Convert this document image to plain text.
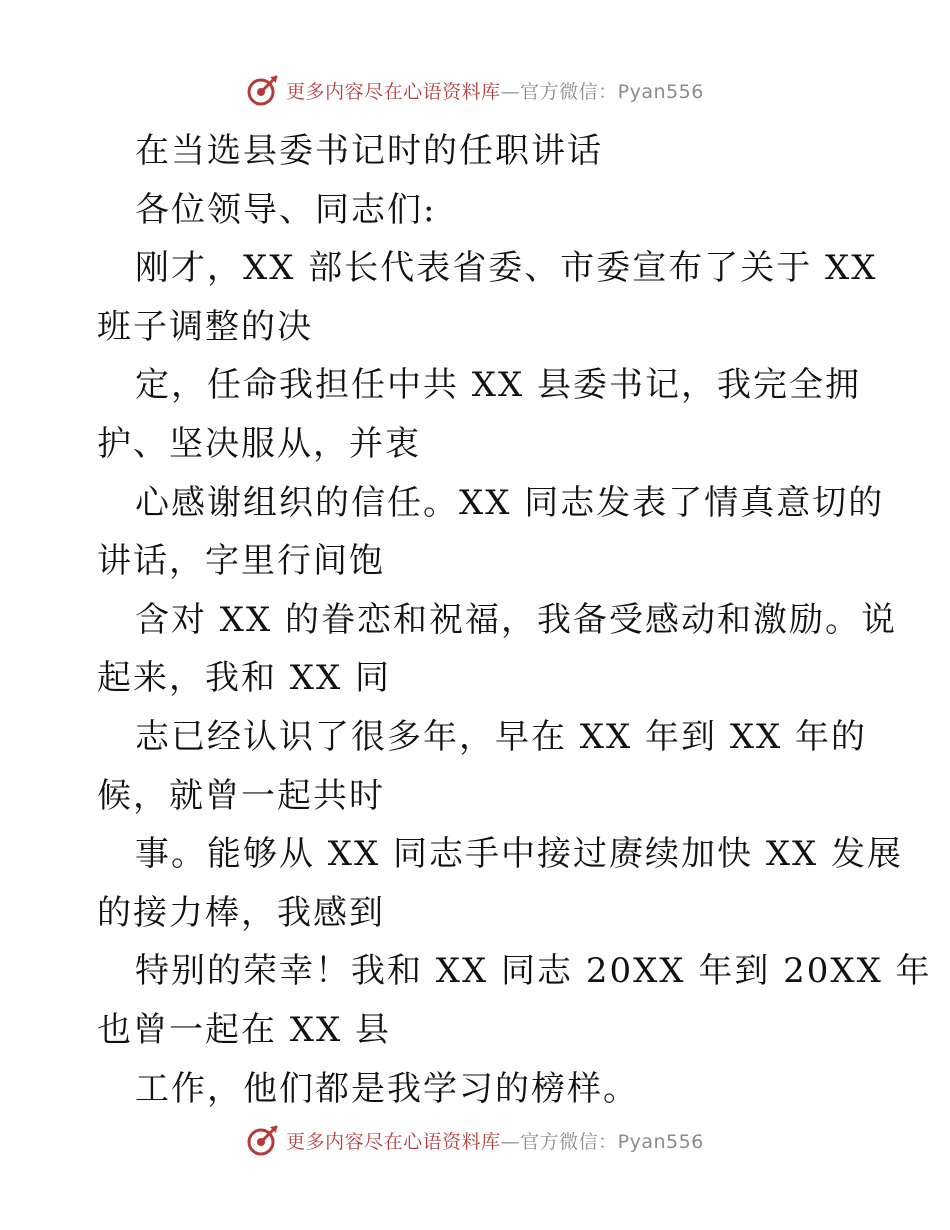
更多内容尽在心语资料库—官方微信：Pyan556
在当选县委书记时的任职讲话
各位领导、同志们:
刚才，XX 部长代表省委、市委宣布了关于 XX
班子调整的决
定，任命我担任中共 XX 县委书记，我完全拥
护、坚决服从，并衷
心感谢组织的信任。XX 同志发表了情真意切的
讲话，字里行间饱
含对 XX 的眷恋和祝福，我备受感动和激励。说
起来，我和 XX 同
志已经认识了很多年，早在 XX 年到 XX 年的
候，就曾一起共时
事。能够从 XX 同志手中接过赓续加快 XX 发展
的接力棒，我感到
特别的荣幸！我和 XX 同志 20XX 年到 20XX 年
也曾一起在 XX 县
工作，他们都是我学习的榜样。
更多内容尽在心语资料库—官方微信：Pyan556
